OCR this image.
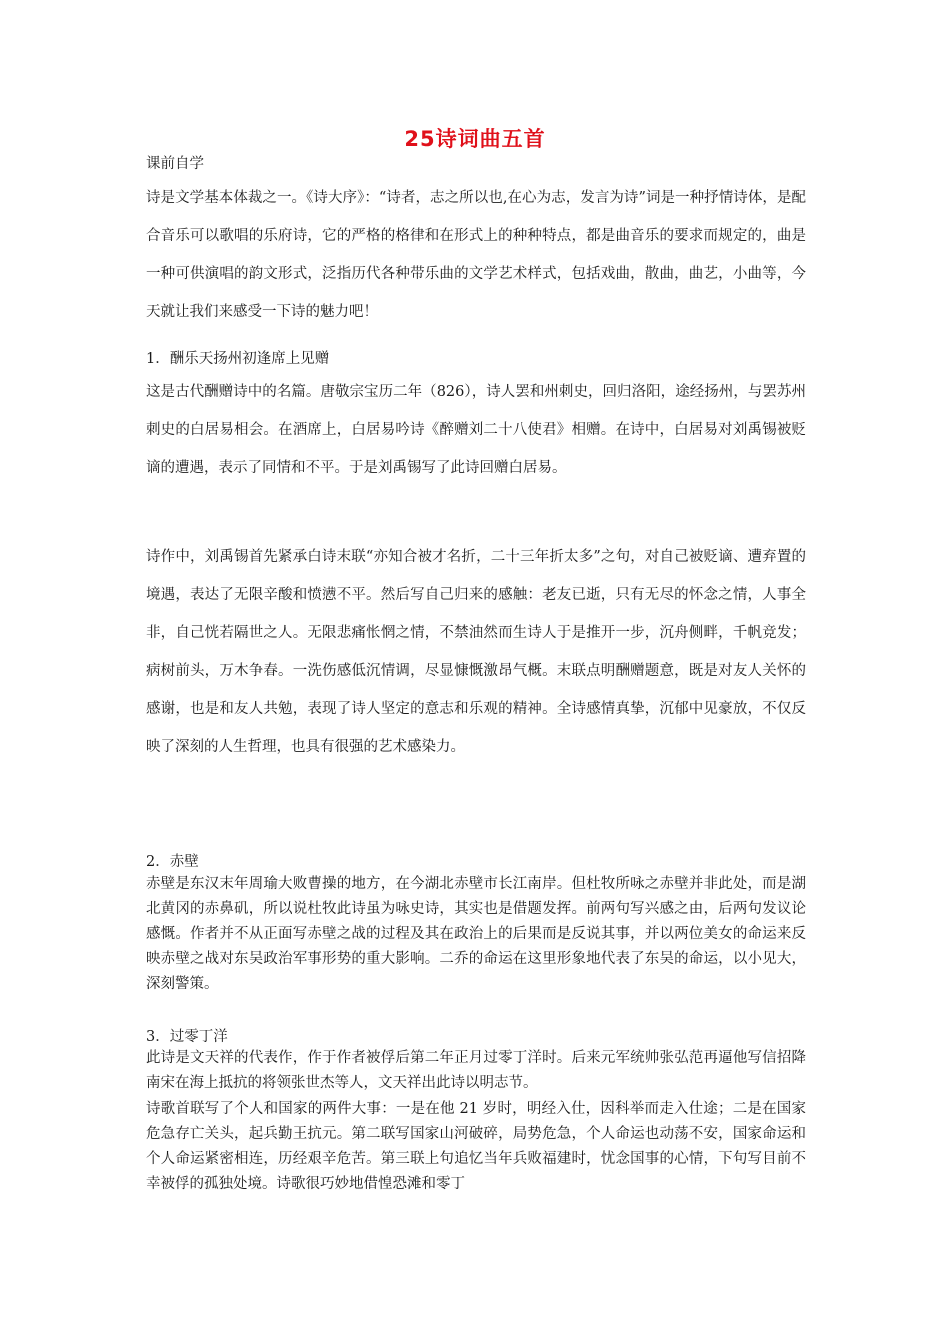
25诗词曲五首
课前自学

诗是文学基本体裁之一。《诗大序》：“诗者，志之所以也,在心为志，发言为诗”词是一种抒情诗体，是配合音乐可以歌唱的乐府诗，它的严格的格律和在形式上的种种特点，都是曲音乐的要求而规定的，曲是一种可供演唱的韵文形式，泛指历代各种带乐曲的文学艺术样式，包括戏曲，散曲，曲艺，小曲等，今天就让我们来感受一下诗的魅力吧！

1．酬乐天扬州初逢席上见赠

这是古代酬赠诗中的名篇。唐敬宗宝历二年（826），诗人罢和州刺史，回归洛阳，途经扬州，与罢苏州刺史的白居易相会。在酒席上，白居易吟诗《醉赠刘二十八使君》相赠。在诗中，白居易对刘禹锡被贬谪的遭遇，表示了同情和不平。于是刘禹锡写了此诗回赠白居易。

诗作中，刘禹锡首先紧承白诗末联“亦知合被才名折，二十三年折太多”之句，对自己被贬谪、遭弃置的境遇，表达了无限辛酸和愤懑不平。然后写自己归来的感触：老友已逝，只有无尽的怀念之情，人事全非，自己恍若隔世之人。无限悲痛怅惘之情，不禁油然而生诗人于是推开一步，沉舟侧畔，千帆竞发；病树前头，万木争春。一洗伤感低沉情调，尽显慷慨激昂气概。末联点明酬赠题意，既是对友人关怀的感谢，也是和友人共勉，表现了诗人坚定的意志和乐观的精神。全诗感情真挚，沉郁中见豪放，不仅反映了深刻的人生哲理，也具有很强的艺术感染力。

2．赤壁

赤壁是东汉末年周瑜大败曹操的地方，在今湖北赤壁市长江南岸。但杜牧所咏之赤壁并非此处，而是湖北黄冈的赤鼻矶，所以说杜牧此诗虽为咏史诗，其实也是借题发挥。前两句写兴感之由，后两句发议论感慨。作者并不从正面写赤壁之战的过程及其在政治上的后果而是反说其事，并以两位美女的命运来反映赤壁之战对东吴政治军事形势的重大影响。二乔的命运在这里形象地代表了东吴的命运，以小见大，深刻警策。

3．过零丁洋

此诗是文天祥的代表作，作于作者被俘后第二年正月过零丁洋时。后来元军统帅张弘范再逼他写信招降南宋在海上抵抗的将领张世杰等人，文天祥出此诗以明志节。

诗歌首联写了个人和国家的两件大事：一是在他 21 岁时，明经入仕，因科举而走入仕途；二是在国家危急存亡关头，起兵勤王抗元。第二联写国家山河破碎，局势危急，个人命运也动荡不安，国家命运和个人命运紧密相连，历经艰辛危苦。第三联上句追忆当年兵败福建时，忧念国事的心情，下句写目前不幸被俘的孤独处境。诗歌很巧妙地借惶恐滩和零丁
